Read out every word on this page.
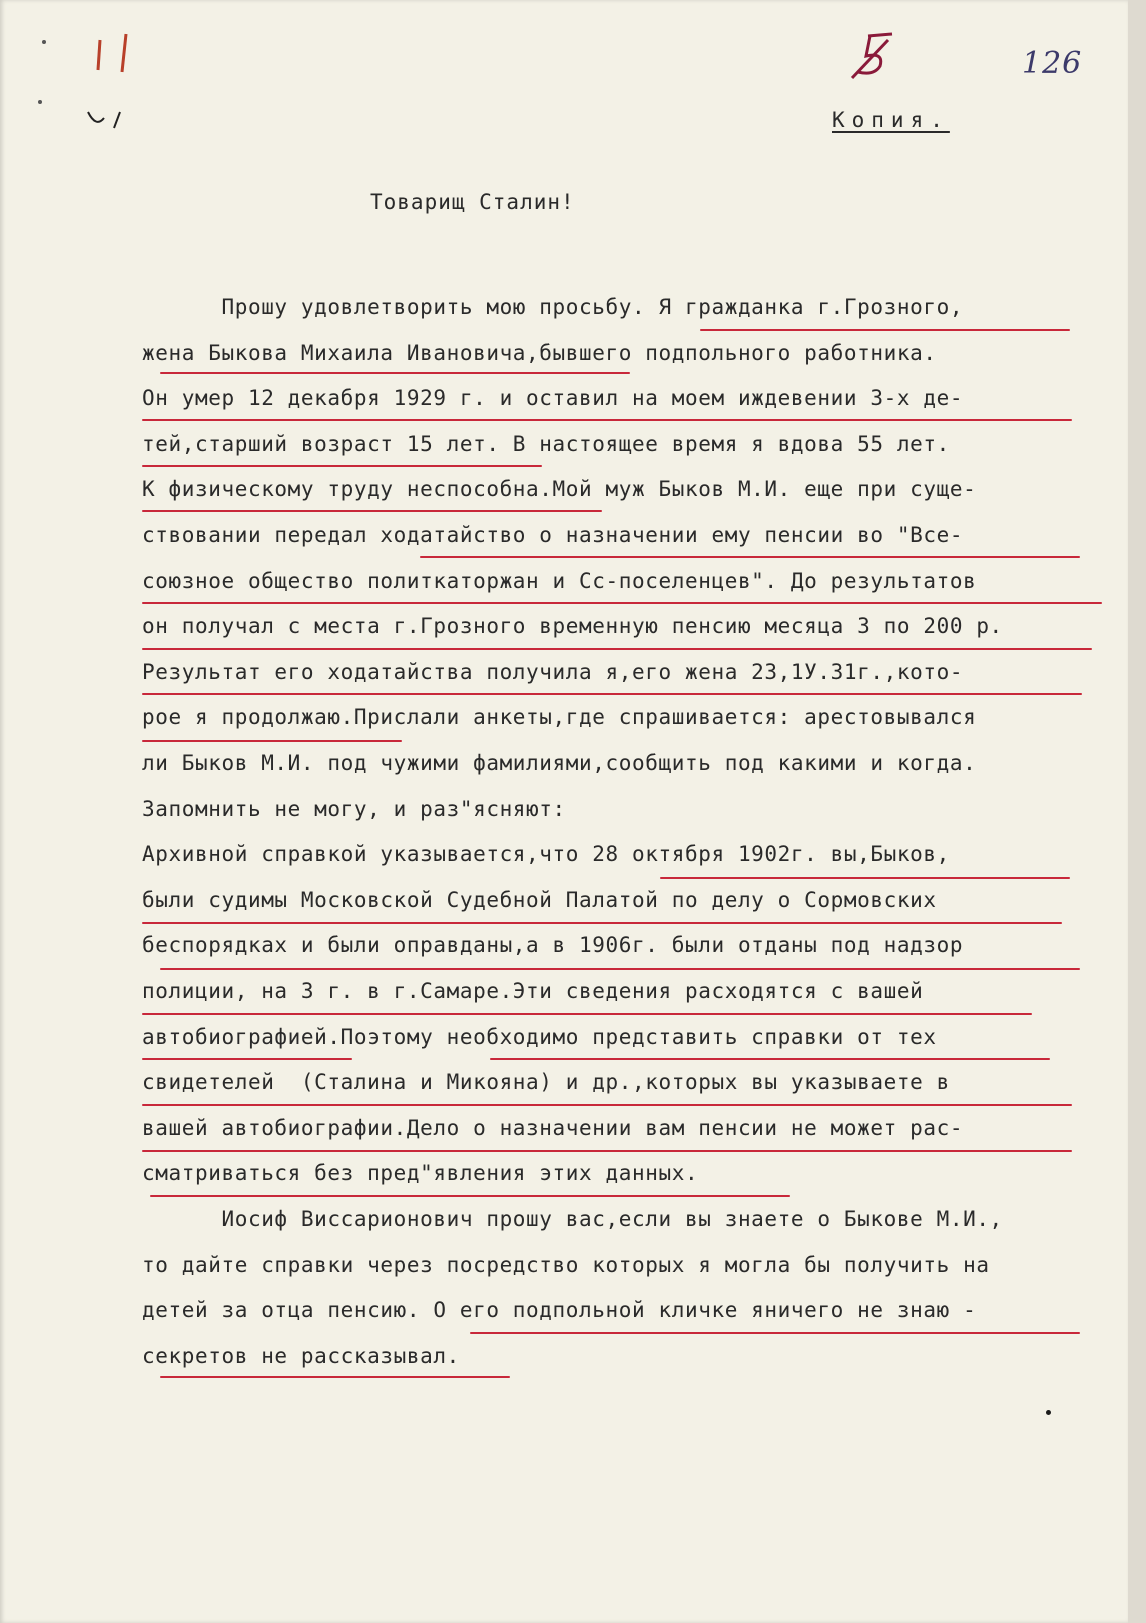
126
Копия.
Товарищ Сталин!
Прошу удовлетворить мою просьбу. Я гражданка г.Грозного,
жена Быкова Михаила Ивановича,бывшего подпольного работника.
Он умер 12 декабря 1929 г. и оставил на моем иждевении 3-х де-
тей,старший возраст 15 лет. В настоящее время я вдова 55 лет.
К физическому труду неспособна.Мой муж Быков М.И. еще при суще-
ствовании передал ходатайство о назначении ему пенсии во "Все-
союзное общество политкаторжан и Сс-поселенцев". До результатов
он получал с места г.Грозного временную пенсию месяца 3 по 200 р.
Результат его ходатайства получила я,его жена 23,1У.31г.,кото-
рое я продолжаю.Прислали анкеты,где спрашивается: арестовывался
ли Быков М.И. под чужими фамилиями,сообщить под какими и когда.
Запомнить не могу, и раз"ясняют:
Архивной справкой указывается,что 28 октября 1902г. вы,Быков,
были судимы Московской Судебной Палатой по делу о Сормовских
беспорядках и были оправданы,а в 1906г. были отданы под надзор
полиции, на 3 г. в г.Самаре.Эти сведения расходятся с вашей
автобиографией.Поэтому необходимо представить справки от тех
свидетелей  (Сталина и Микояна) и др.,которых вы указываете в
вашей автобиографии.Дело о назначении вам пенсии не может рас-
сматриваться без пред"явления этих данных.
Иосиф Виссарионович прошу вас,если вы знаете о Быкове М.И.,
то дайте справки через посредство которых я могла бы получить на
детей за отца пенсию. О его подпольной кличке яничего не знаю -
секретов не рассказывал.
